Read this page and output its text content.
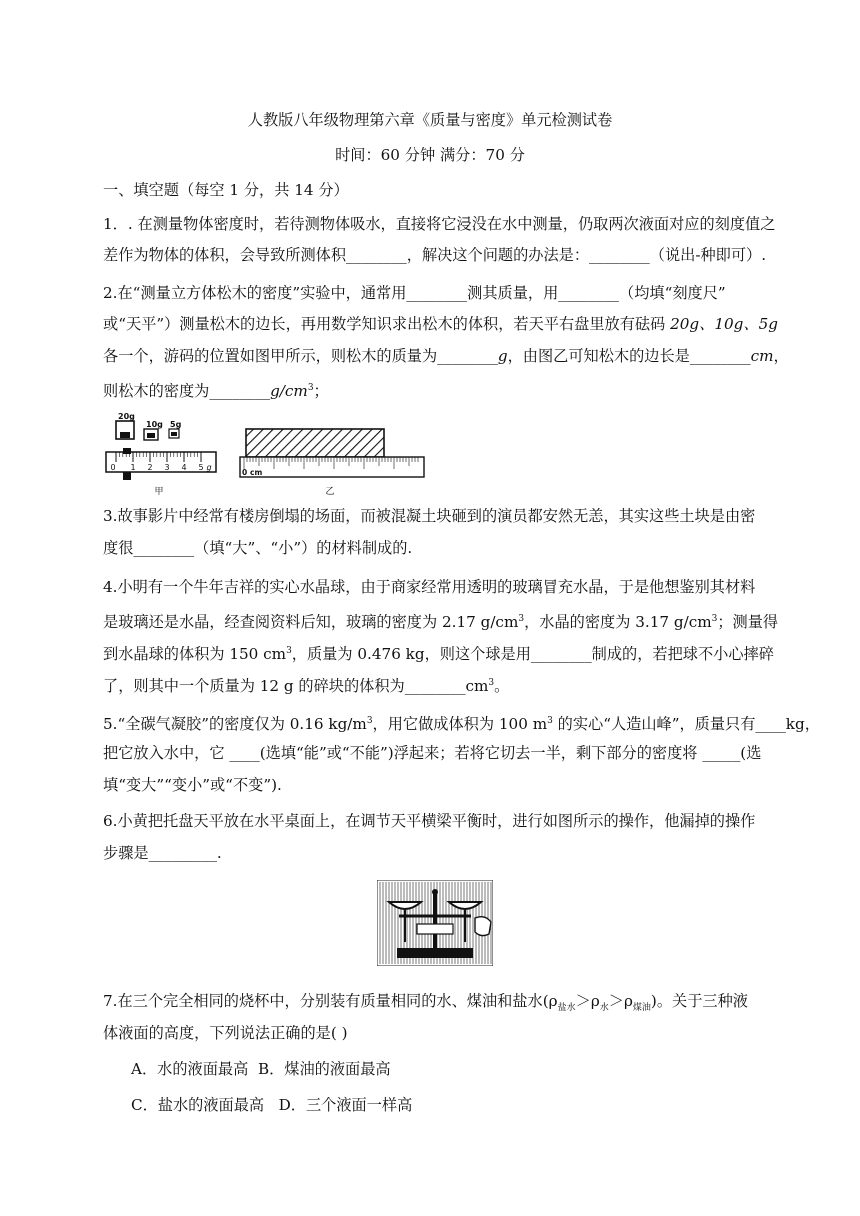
人教版八年级物理第六章《质量与密度》单元检测试卷
时间：60 分钟 满分：70 分
一、填空题（每空 1 分，共 14 分）
1．. 在测量物体密度时，若待测物体吸水，直接将它浸没在水中测量，仍取两次液面对应的刻度值之
差作为物体的体积，会导致所测体积________，解决这个问题的办法是：________（说出-种即可）.
2.在“测量立方体松木的密度”实验中，通常用________测其质量，用________（均填“刻度尺”
或“天平”）测量松木的边长，再用数学知识求出松木的体积，若天平右盘里放有砝码 20g、10g、5g
各一个，游码的位置如图甲所示，则松木的质量为________g，由图乙可知松木的边长是________cm，
则松木的密度为$\_\_\_\_\_\_\_\_g/cm^3$；
20g
10g 5g
0 1 2 3 4 5 g
甲
0 cm
乙
3.故事影片中经常有楼房倒塌的场面，而被混凝土块砸到的演员都安然无恙，其实这些土块是由密
度很________（填“大”、“小”）的材料制成的.
4.小明有一个牛年吉祥的实心水晶球，由于商家经常用透明的玻璃冒充水晶，于是他想鉴别其材料
是玻璃还是水晶，经查阅资料后知，玻璃的密度为 2.17 $g/cm^3$，水晶的密度为 3.17 $g/cm^3$；测量得
到水晶球的体积为 150 $cm^3$，质量为 0.476 kg，则这个球是用________制成的，若把球不小心摔碎
了，则其中一个质量为 12 g 的碎块的体积为$\_\_\_\_\_\_\_\_cm^3$。
5.“全碳气凝胶”的密度仅为 0.16 $kg/m^3$，用它做成体积为 100 $m^3$ 的实心“人造山峰”，质量只有____kg，
把它放入水中，它 ____(选填“能”或“不能”)浮起来；若将它切去一半，剩下部分的密度将 _____(选
填“变大”“变小”或“不变”).
6.小黄把托盘天平放在水平桌面上，在调节天平横梁平衡时，进行如图所示的操作，他漏掉的操作
步骤是_________.
7.在三个完全相同的烧杯中，分别装有质量相同的水、煤油和盐水$(\rho_{盐水}>\rho_水>\rho_{煤油})$。关于三种液
体液面的高度，下列说法正确的是( )
A．水的液面最高 B．煤油的液面最高
C．盐水的液面最高 D．三个液面一样高
